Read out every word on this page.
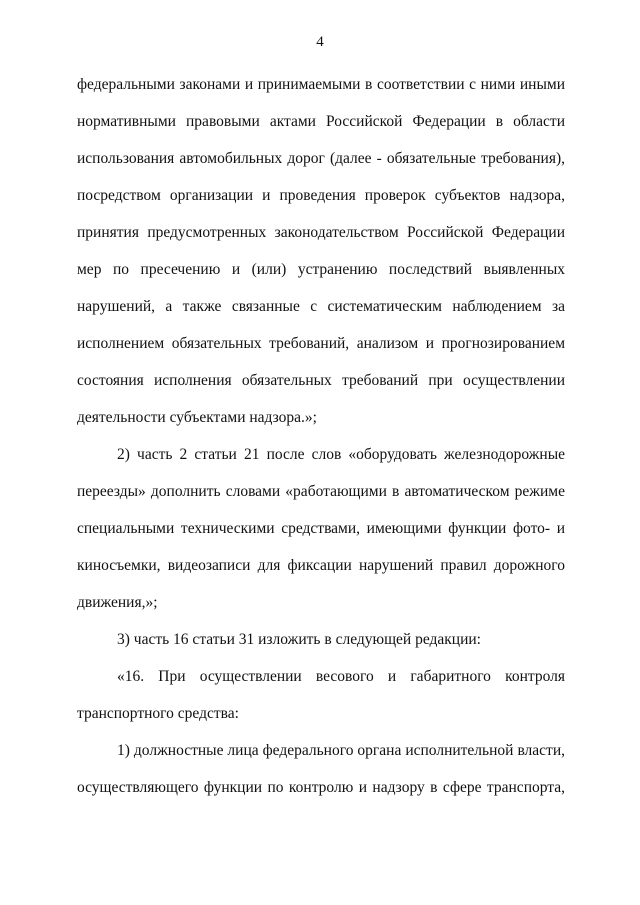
4
федеральными законами и принимаемыми в соответствии с ними иными
нормативными правовыми актами Российской Федерации в области
использования автомобильных дорог (далее - обязательные требования),
посредством организации и проведения проверок субъектов надзора,
принятия предусмотренных законодательством Российской Федерации
мер по пресечению и (или) устранению последствий выявленных
нарушений, а также связанные с систематическим наблюдением за
исполнением обязательных требований, анализом и прогнозированием
состояния исполнения обязательных требований при осуществлении
деятельности субъектами надзора.»;
2) часть 2 статьи 21 после слов «оборудовать железнодорожные
переезды» дополнить словами «работающими в автоматическом режиме
специальными техническими средствами, имеющими функции фото- и
киносъемки, видеозаписи для фиксации нарушений правил дорожного
движения,»;
3) часть 16 статьи 31 изложить в следующей редакции:
«16. При осуществлении весового и габаритного контроля
транспортного средства:
1) должностные лица федерального органа исполнительной власти,
осуществляющего функции по контролю и надзору в сфере транспорта,
